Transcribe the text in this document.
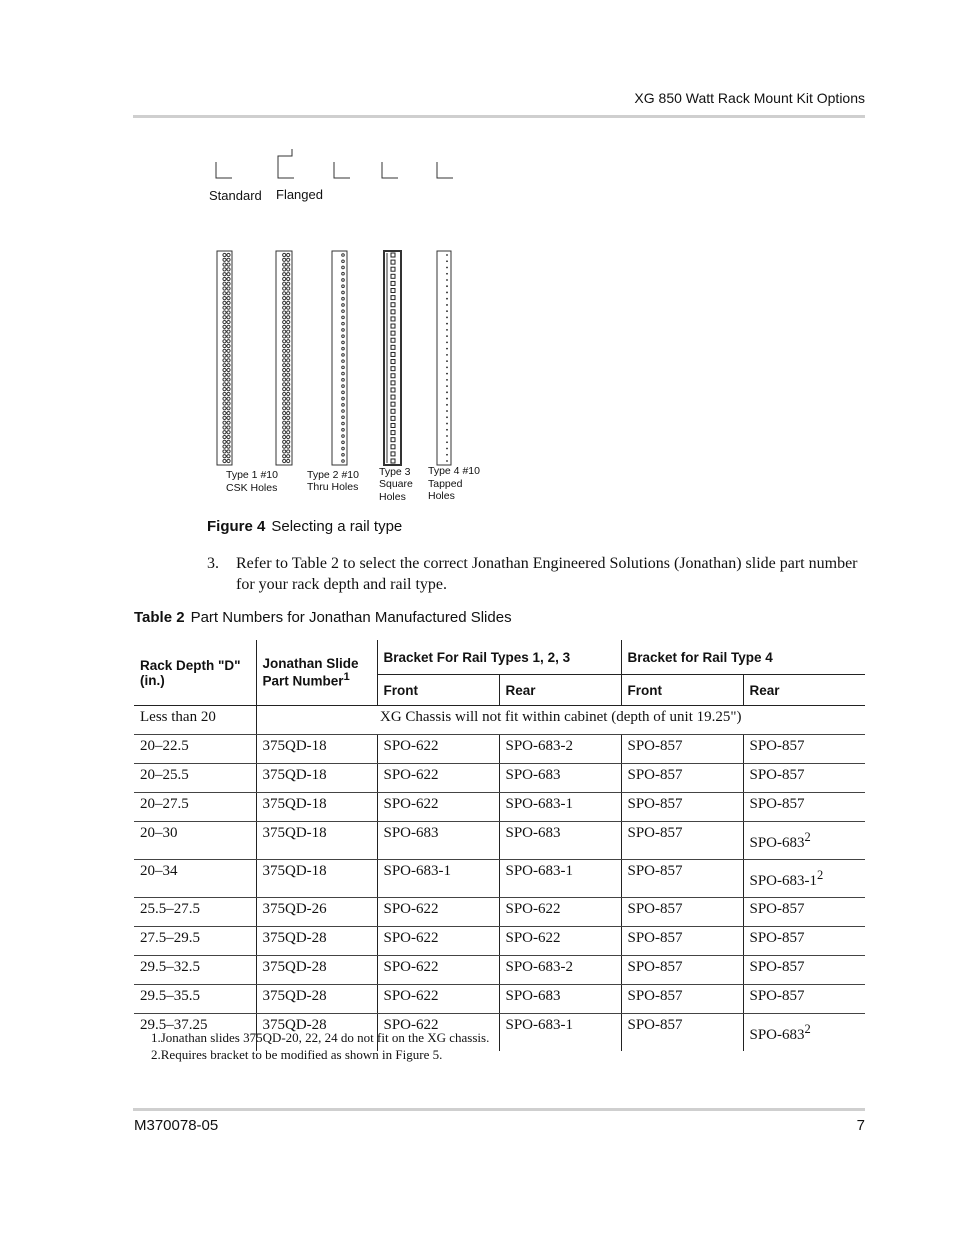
XG 850 Watt Rack Mount Kit Options
Standard Flanged
Type 1 #10
CSK Holes
Type 2 #10
Thru Holes
Type 3
Square
Holes
Type 4 #10
Tapped
Holes
Figure 4 Selecting a rail type
3. Refer to Table 2 to select the correct Jonathan Engineered Solutions (Jonathan) slide part number for your rack depth and rail type.
Table 2 Part Numbers for Jonathan Manufactured Slides
Rack Depth "D" (in.)	Jonathan Slide Part Number$^1$	Bracket For Rail Types 1, 2, 3		Bracket for Rail Type 4	
		Front	Rear	Front	Rear
Less than 20	XG Chassis will not fit within cabinet (depth of unit 19.25")				
20–22.5	375QD-18	SPO-622	SPO-683-2	SPO-857	SPO-857
20–25.5	375QD-18	SPO-622	SPO-683	SPO-857	SPO-857
20–27.5	375QD-18	SPO-622	SPO-683-1	SPO-857	SPO-857
20–30	375QD-18	SPO-683	SPO-683	SPO-857	SPO-$683^2$
20–34	375QD-18	SPO-683-1	SPO-683-1	SPO-857	SPO-$683-1^2$
25.5–27.5	375QD-26	SPO-622	SPO-622	SPO-857	SPO-857
27.5–29.5	375QD-28	SPO-622	SPO-622	SPO-857	SPO-857
29.5–32.5	375QD-28	SPO-622	SPO-683-2	SPO-857	SPO-857
29.5–35.5	375QD-28	SPO-622	SPO-683	SPO-857	SPO-857
29.5–37.25	375QD-28	SPO-622	SPO-683-1	SPO-857	SPO-$683^2$
1.Jonathan slides 375QD-20, 22, 24 do not fit on the XG chassis.
2.Requires bracket to be modified as shown in Figure 5.
M370078-05	7
